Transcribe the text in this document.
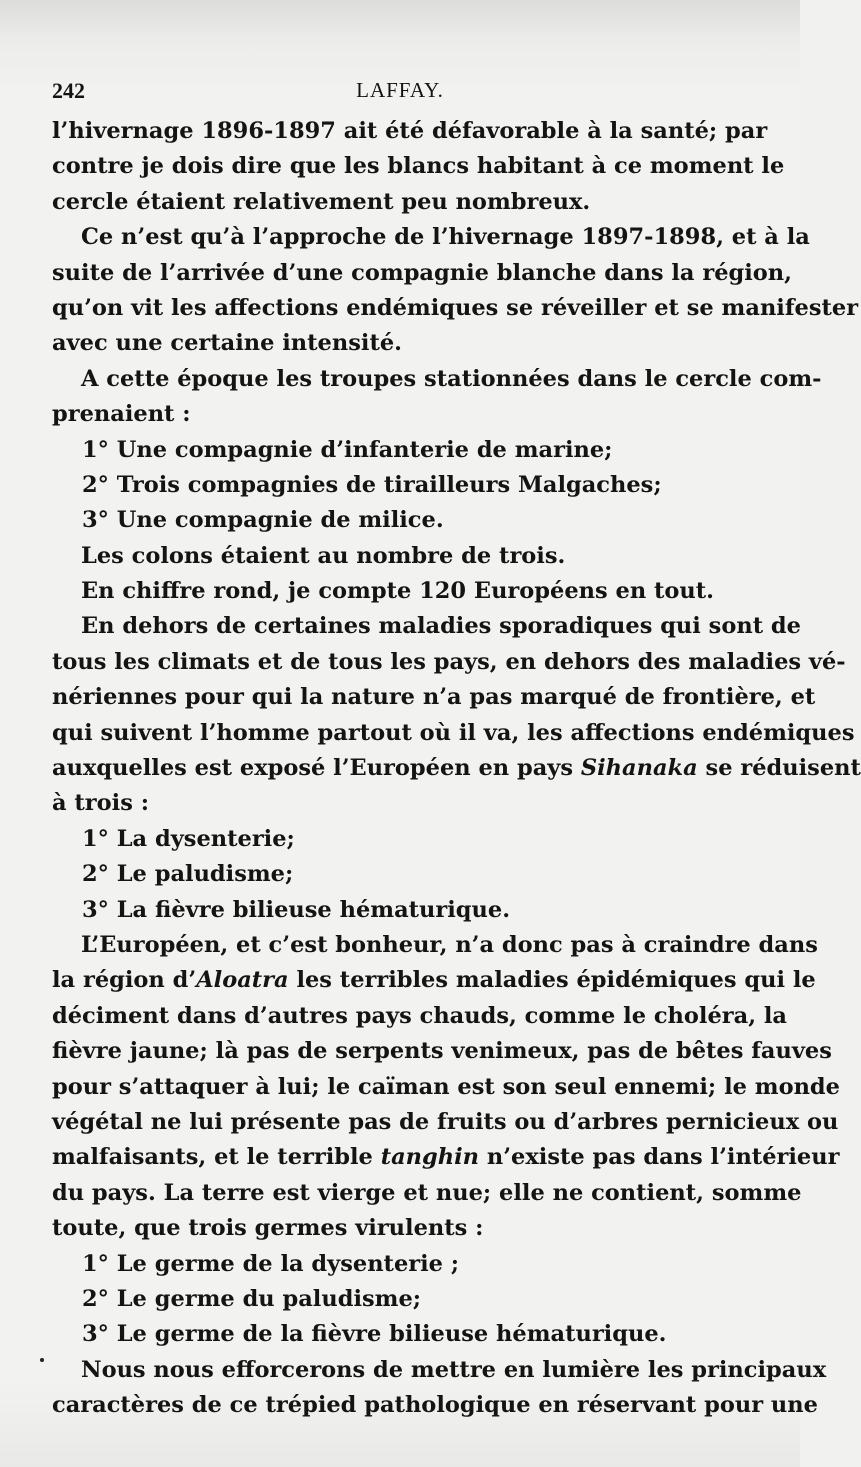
242	LAFFAY.
l’hivernage 1896-1897 ait été défavorable à la santé; par
contre je dois dire que les blancs habitant à ce moment le
cercle étaient relativement peu nombreux.
Ce n’est qu’à l’approche de l’hivernage 1897-1898, et à la
suite de l’arrivée d’une compagnie blanche dans la région,
qu’on vit les affections endémiques se réveiller et se manifester
avec une certaine intensité.
A cette époque les troupes stationnées dans le cercle com-
prenaient :
1° Une compagnie d’infanterie de marine;
2° Trois compagnies de tirailleurs Malgaches;
3° Une compagnie de milice.
Les colons étaient au nombre de trois.
En chiffre rond, je compte 120 Européens en tout.
En dehors de certaines maladies sporadiques qui sont de
tous les climats et de tous les pays, en dehors des maladies vé-
nériennes pour qui la nature n’a pas marqué de frontière, et
qui suivent l’homme partout où il va, les affections endémiques
auxquelles est exposé l’Européen en pays Sihanaka se réduisent
à trois :
1° La dysenterie;
2° Le paludisme;
3° La fièvre bilieuse hématurique.
L’Européen, et c’est bonheur, n’a donc pas à craindre dans
la région d’Aloatra les terribles maladies épidémiques qui le
déciment dans d’autres pays chauds, comme le choléra, la
fièvre jaune; là pas de serpents venimeux, pas de bêtes fauves
pour s’attaquer à lui; le caïman est son seul ennemi; le monde
végétal ne lui présente pas de fruits ou d’arbres pernicieux ou
malfaisants, et le terrible tanghin n’existe pas dans l’intérieur
du pays. La terre est vierge et nue; elle ne contient, somme
toute, que trois germes virulents :
1° Le germe de la dysenterie ;
2° Le germe du paludisme;
3° Le germe de la fièvre bilieuse hématurique.
Nous nous efforcerons de mettre en lumière les principaux
caractères de ce trépied pathologique en réservant pour une
